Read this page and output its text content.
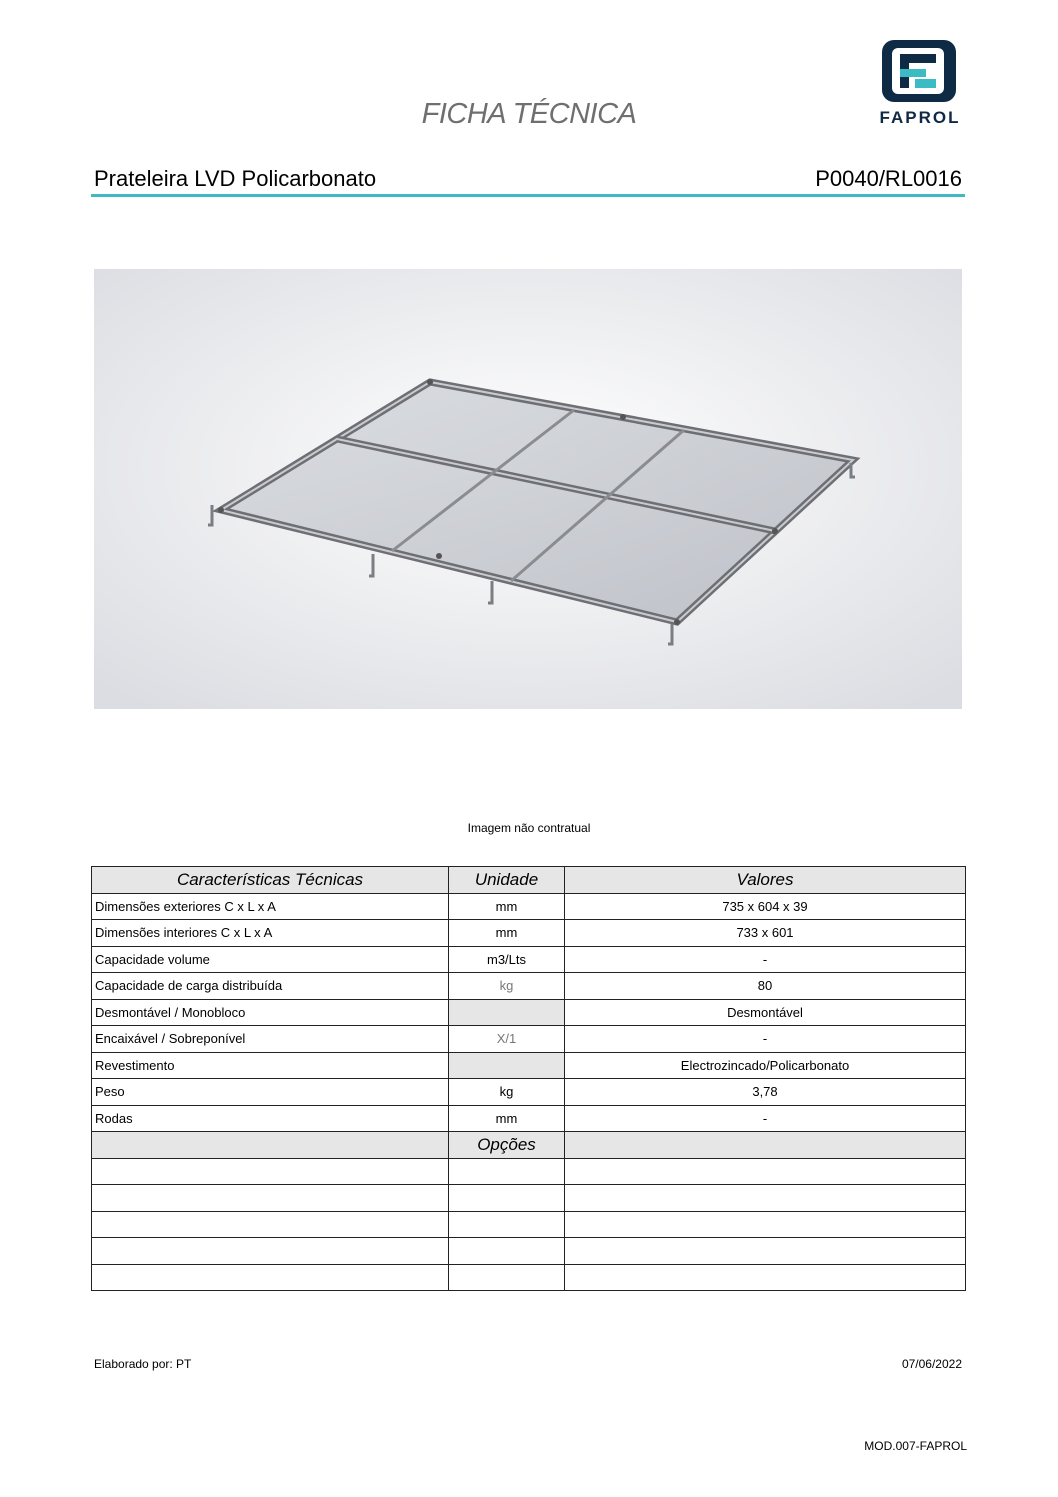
FICHA TÉCNICA	FAPROL
Prateleira LVD Policarbonato	P0040/RL0016
Imagem não contratual
Características Técnicas	Unidade	Valores
Dimensões exteriores C x L x A	mm	735 x 604 x 39
Dimensões interiores C x L x A	mm	733 x 601
Capacidade volume	m3/Lts	-
Capacidade de carga distribuída	kg	80
Desmontável / Monobloco		Desmontável
Encaixável / Sobreponível	X/1	-
Revestimento		Electrozincado/Policarbonato
Peso	kg	3,78
Rodas	mm	-
	Opções	

Elaborado por: PT	07/06/2022
MOD.007-FAPROL
